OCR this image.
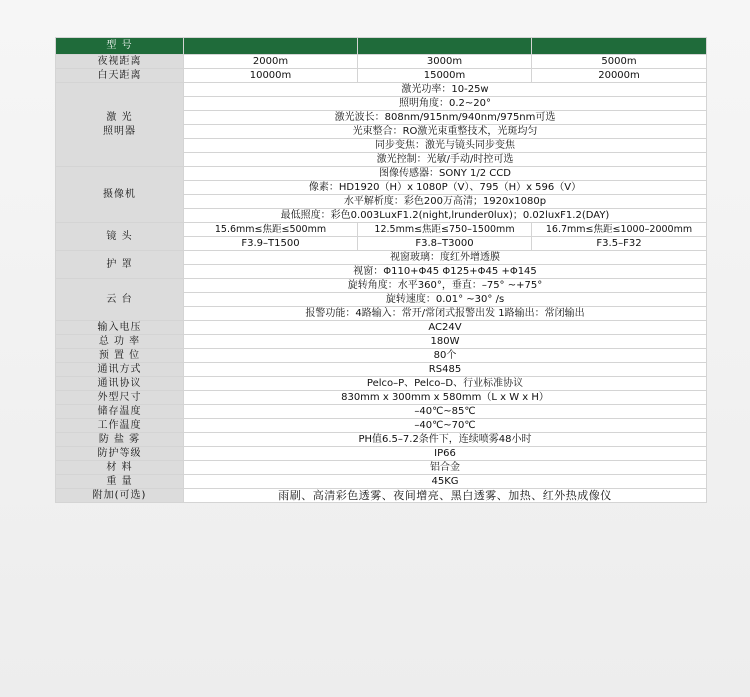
型 号			
夜视距离	2000m	3000m	5000m
白天距离	10000m	15000m	20000m

激 光
照明器	激光功率：10-25w		
	照明角度：0.2~20°		
	激光波长：808nm/915nm/940nm/975nm可选		
	光束整合：RO激光束重整技术，光斑均匀		
	同步变焦：激光与镜头同步变焦		
	激光控制：光敏/手动/时控可选		
摄像机	图像传感器：SONY 1/2 CCD		
	像素：HD1920（H）x 1080P（V）、795（H）x 596（V）		
	水平解析度：彩色200万高清；1920x1080p		
	最低照度：彩色0.003LuxF1.2(night,lrunder0lux)；0.02luxF1.2(DAY)		
镜 头	15.6mm≤焦距≤500mm	12.5mm≤焦距≤750–1500mm	16.7mm≤焦距≤1000–2000mm
	F3.9–T1500	F3.8–T3000	F3.5–F32
护 罩	视窗玻璃：度红外增透膜		
	视窗：Φ110+Φ45 Φ125+Φ45 +Φ145		
云 台	旋转角度：水平360°，垂直：–75° ~+75°		
	旋转速度：0.01° ~30° /s		
	报警功能：4路输入：常开/常闭式报警出发 1路输出：常闭输出		
输入电压	AC24V		
总 功 率	180W		
预 置 位	80个		
通讯方式	RS485		
通讯协议	Pelco–P、Pelco–D、行业标准协议		
外型尺寸	830mm x 300mm x 580mm（L x W x H）		
储存温度	–40℃~85℃		
工作温度	–40℃~70℃		
防 盐 雾	PH值6.5–7.2条件下，连续喷雾48小时		
防护等级	IP66		
材 料	铝合金		
重 量	45KG		
附加(可选)	雨刷、高清彩色透雾、夜间增亮、黑白透雾、加热、红外热成像仪		
